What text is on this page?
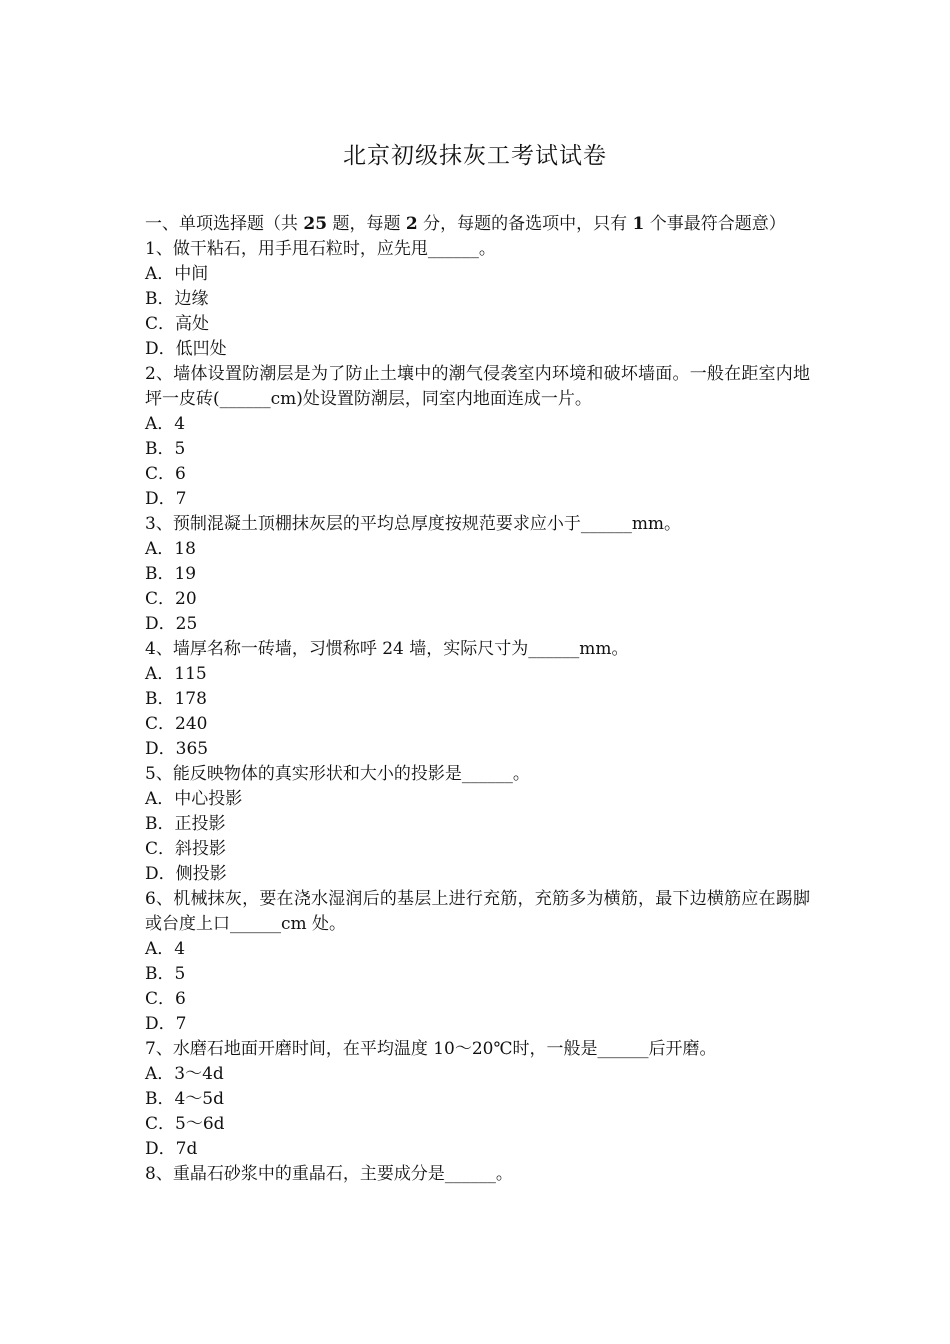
北京初级抹灰工考试试卷

一、单项选择题（共 25 题，每题 2 分，每题的备选项中，只有 1 个事最符合题意）

1、做干粘石，用手甩石粒时，应先甩______。

A．中间

B．边缘

C．高处

D．低凹处

2、墙体设置防潮层是为了防止土壤中的潮气侵袭室内环境和破坏墙面。一般在距室内地坪一皮砖(______cm)处设置防潮层，同室内地面连成一片。

A．4

B．5

C．6

D．7

3、预制混凝土顶棚抹灰层的平均总厚度按规范要求应小于______mm。

A．18

B．19

C．20

D．25

4、墙厚名称一砖墙，习惯称呼 24 墙，实际尺寸为______mm。

A．115

B．178

C．240

D．365

5、能反映物体的真实形状和大小的投影是______。

A．中心投影

B．正投影

C．斜投影

D．侧投影

6、机械抹灰，要在浇水湿润后的基层上进行充筋，充筋多为横筋，最下边横筋应在踢脚或台度上口______cm 处。

A．4

B．5

C．6

D．7

7、水磨石地面开磨时间，在平均温度 10～20℃时，一般是______后开磨。

A．3～4d

B．4～5d

C．5～6d

D．7d

8、重晶石砂浆中的重晶石，主要成分是______。
